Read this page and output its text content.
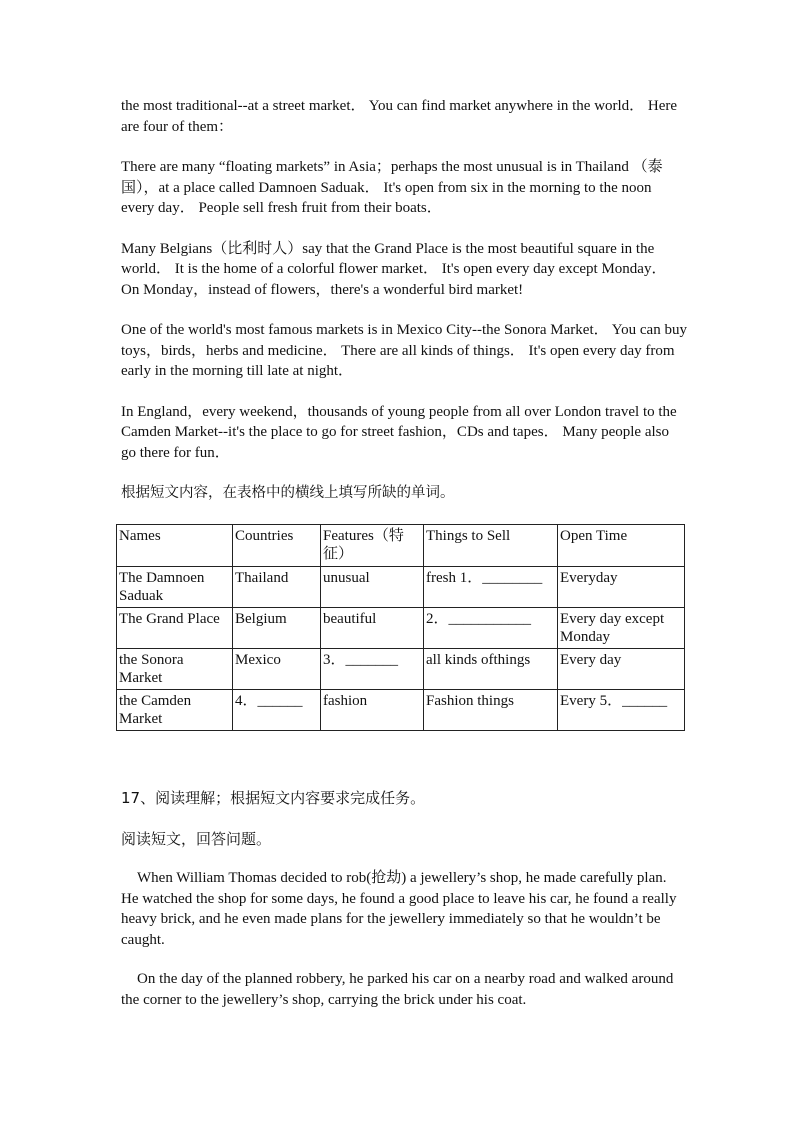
the most traditional--at a street market． You can find market anywhere in the world． Here are four of them：

There are many “floating markets” in Asia；perhaps the most unusual is in Thailand （泰国），at a place called Damnoen Saduak． It's open from six in the morning to the noon every day． People sell fresh fruit from their boats．

Many Belgians（比利时人）say that the Grand Place is the most beautiful square in the world． It is the home of a colorful flower market． It's open every day except Monday． On Monday，instead of flowers，there's a wonderful bird market!

One of the world's most famous markets is in Mexico City--the Sonora Market． You can buy toys，birds，herbs and medicine． There are all kinds of things． It's open every day from early in the morning till late at night．

In England，every weekend，thousands of young people from all over London travel to the Camden Market--it's the place to go for street fashion，CDs and tapes． Many people also go there for fun．

根据短文内容，在表格中的横线上填写所缺的单词。

Names	Countries	Features（特征）	Things to Sell	Open Time
The Damnoen Saduak	Thailand	unusual	fresh 1．________	Everyday
The Grand Place	Belgium	beautiful	2．___________	Every day except Monday
the Sonora Market	Mexico	3．_______	all kinds ofthings	Every day
the Camden Market	4．______	fashion	Fashion things	Every 5．______

17、阅读理解；根据短文内容要求完成任务。

阅读短文，回答问题。

When William Thomas decided to rob(抢劫) a jewellery’s shop, he made carefully plan. He watched the shop for some days, he found a good place to leave his car, he found a really heavy brick, and he even made plans for the jewellery immediately so that he wouldn’t be caught.

On the day of the planned robbery, he parked his car on a nearby road and walked around the corner to the jewellery’s shop, carrying the brick under his coat.
